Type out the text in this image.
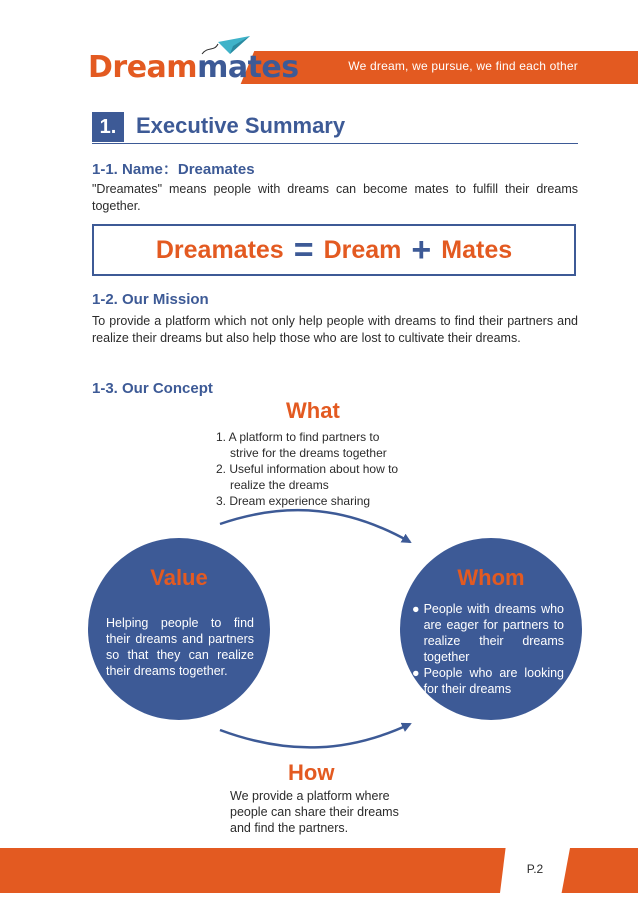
Dreammates	We dream, we pursue, we find each other
1. Executive Summary
1-1. Name：Dreamates
"Dreamates" means people with dreams can become mates to fulfill their dreams together.
Dreamates = Dream + Mates
1-2. Our Mission
To provide a platform which not only help people with dreams to find their partners and realize their dreams but also help those who are lost to cultivate their dreams.
1-3. Our Concept
What
1. A platform to find partners to
strive for the dreams together
2. Useful information about how to
realize the dreams
3. Dream experience sharing
Value
Helping people to find their dreams and partners so that they can realize their dreams together.
Whom
● People with dreams who are eager for partners to realize their dreams together
● People who are looking for their dreams
How
We provide a platform where people can share their dreams and find the partners.
P.2
